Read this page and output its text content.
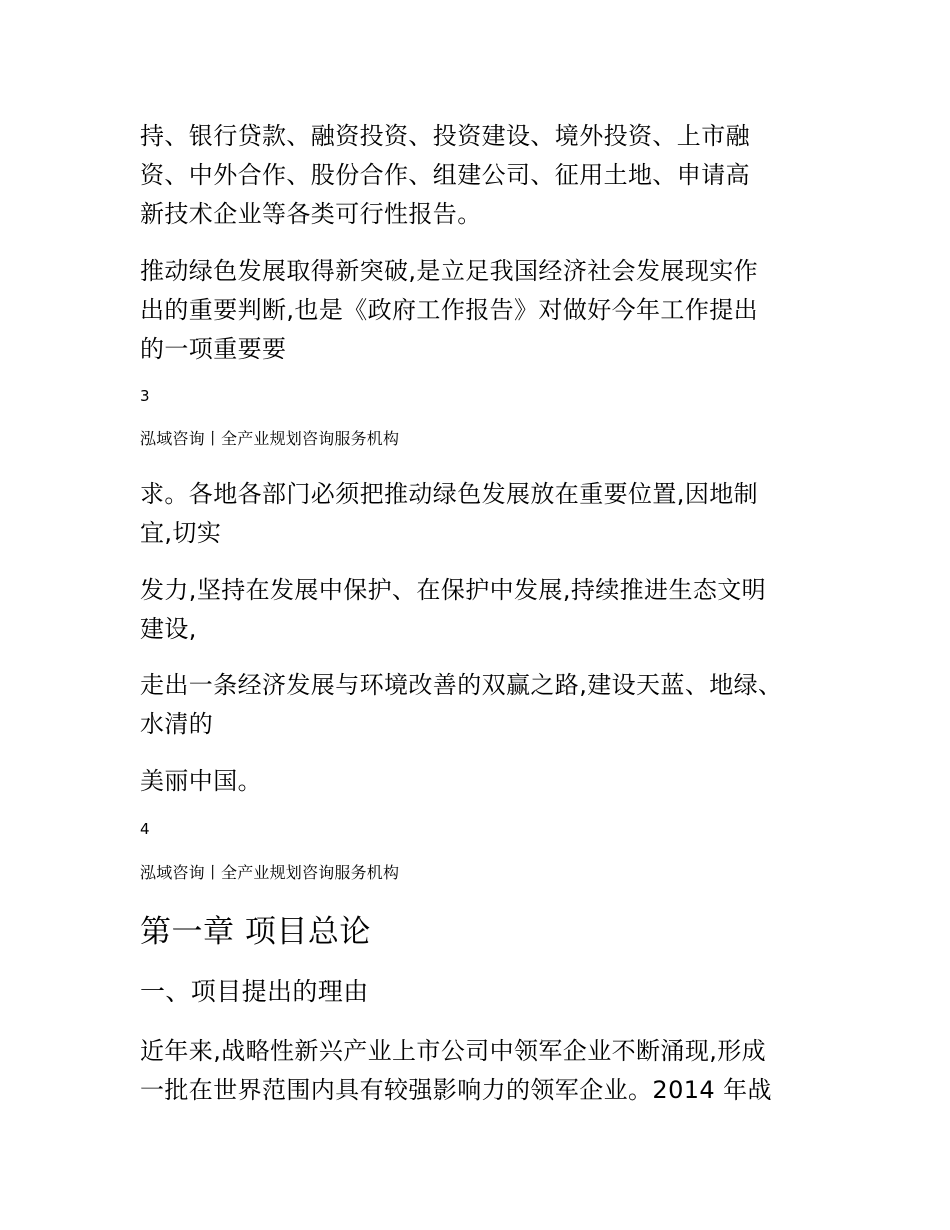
持、银行贷款、融资投资、投资建设、境外投资、上市融
资、中外合作、股份合作、组建公司、征用土地、申请高
新技术企业等各类可行性报告。

推动绿色发展取得新突破,是立足我国经济社会发展现实作
出的重要判断,也是《政府工作报告》对做好今年工作提出
的一项重要要

3
泓域咨询丨全产业规划咨询服务机构

求。各地各部门必须把推动绿色发展放在重要位置,因地制
宜,切实

发力,坚持在发展中保护、在保护中发展,持续推进生态文明
建设,

走出一条经济发展与环境改善的双赢之路,建设天蓝、地绿、
水清的

美丽中国。

4
泓域咨询丨全产业规划咨询服务机构
第一章 项目总论
一、项目提出的理由

近年来,战略性新兴产业上市公司中领军企业不断涌现,形成
一批在世界范围内具有较强影响力的领军企业。2014 年战
